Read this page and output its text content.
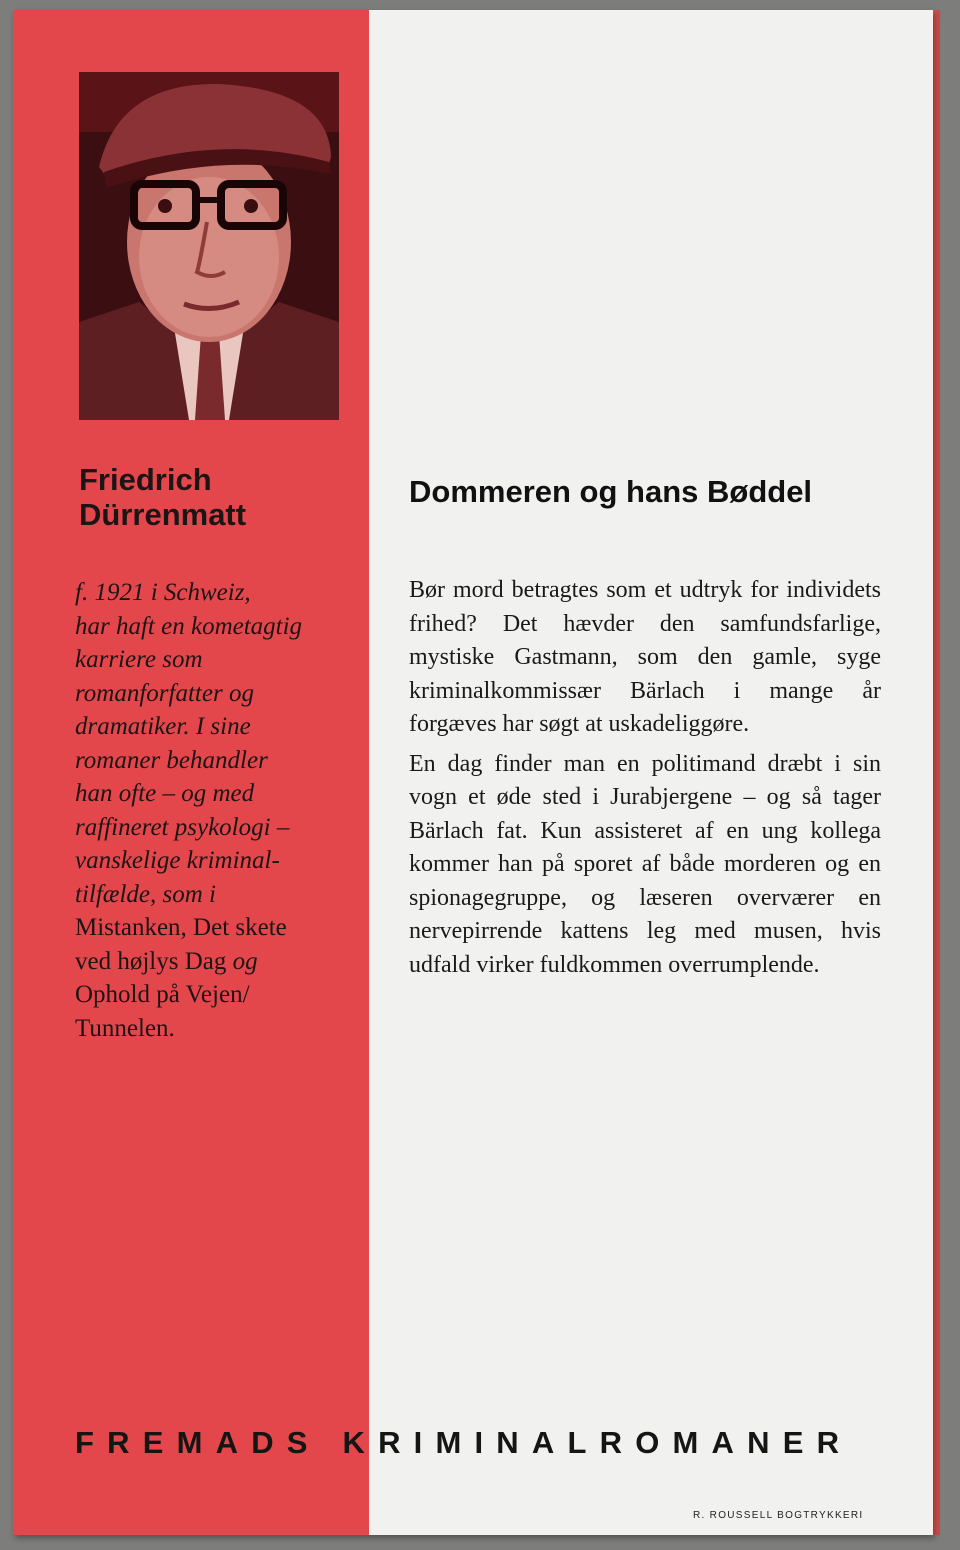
Friedrich
Dürrenmatt
f. 1921 i Schweiz,
har haft en kometagtig
karriere som
romanforfatter og
dramatiker. I sine
romaner behandler
han ofte – og med
raffineret psykologi –
vanskelige kriminal-
tilfælde, som i
Mistanken, Det skete
ved højlys Dag og
Ophold på Vejen/
Tunnelen.
Dommeren og hans Bøddel

Bør mord betragtes som et udtryk for individets frihed? Det hævder den samfundsfarlige, mystiske Gastmann, som den gamle, syge kriminalkommissær Bärlach i mange år forgæves har søgt at uskadeliggøre.

En dag finder man en politimand dræbt i sin vogn et øde sted i Jurabjergene – og så tager Bärlach fat. Kun assisteret af en ung kollega kommer han på sporet af både morderen og en spionagegruppe, og læseren overværer en nervepirrende kattens leg med musen, hvis udfald virker fuldkommen overrumplende.

FREMADS KRIMINALROMANER
R. ROUSSELL BOGTRYKKERI
